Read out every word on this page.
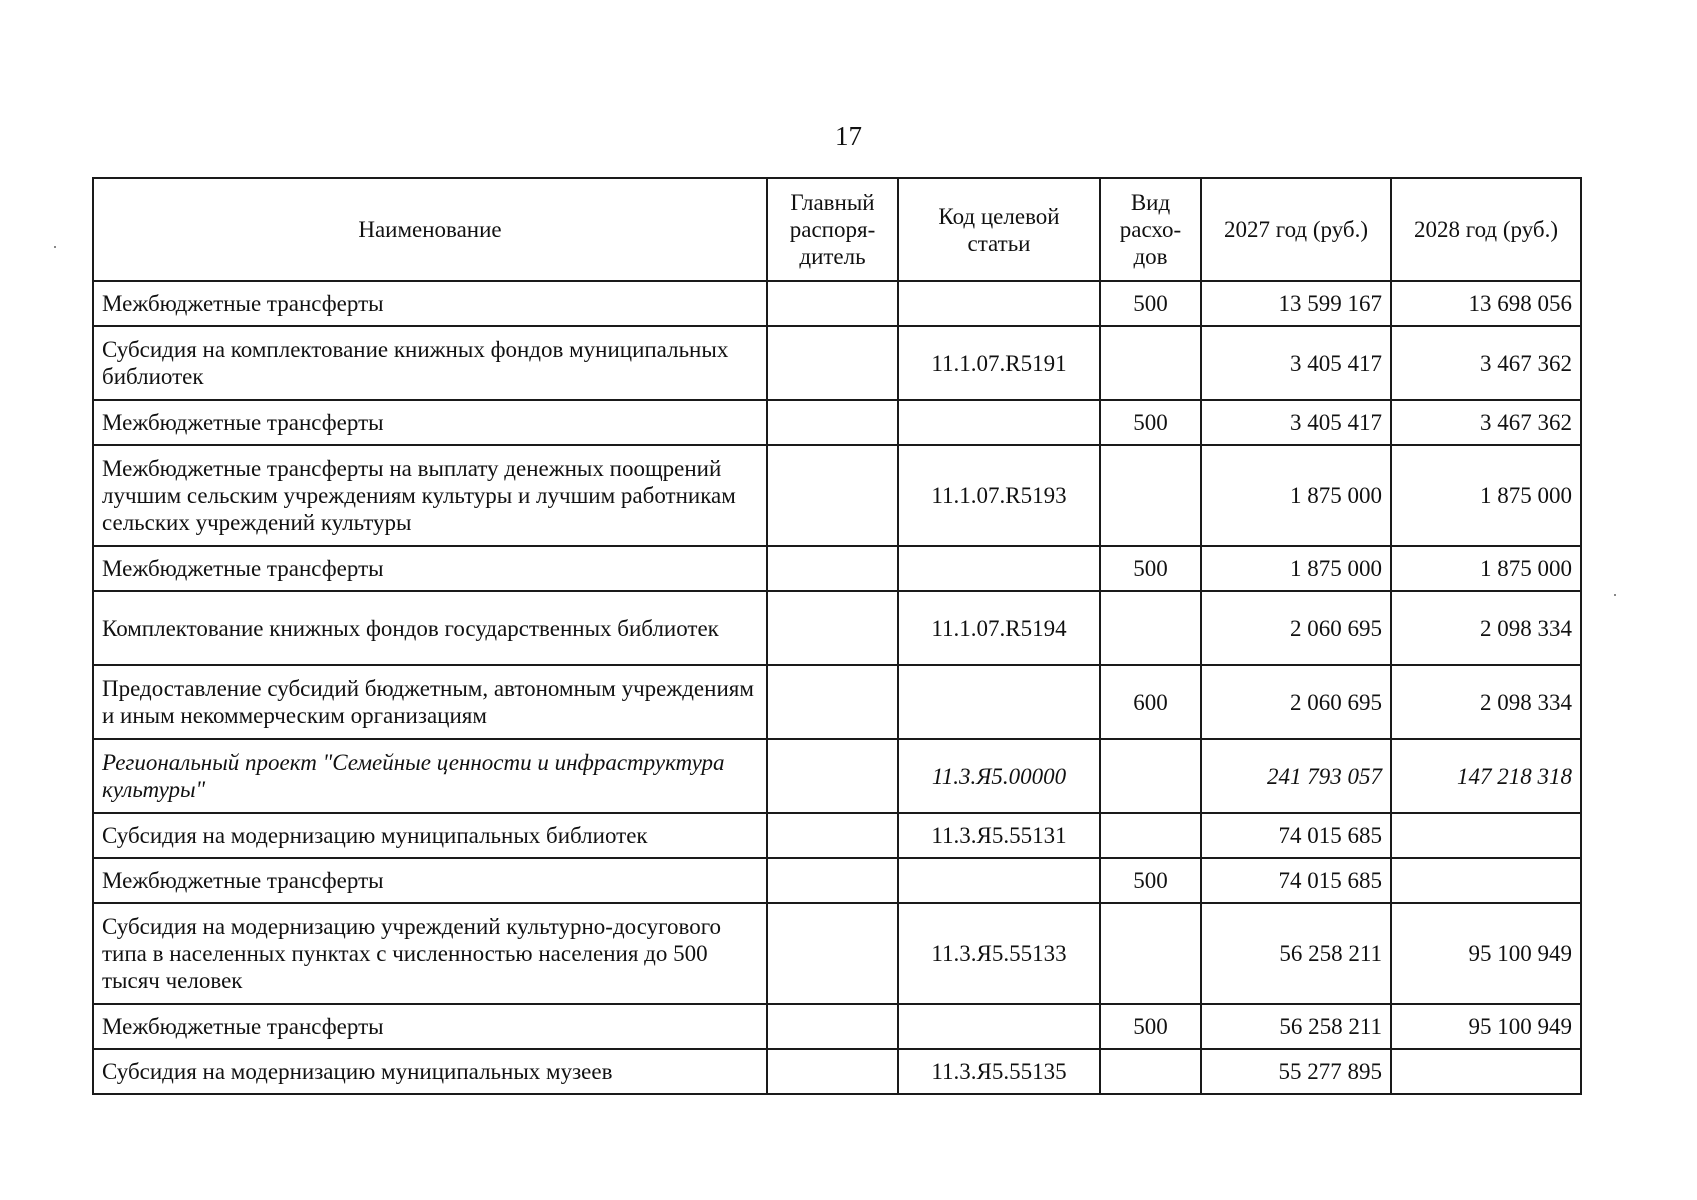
17
Наименование	Главный распоря-дитель	Код целевой статьи	Вид расхо-дов	2027 год (руб.)	2028 год (руб.)
Межбюджетные трансферты			500	13 599 167	13 698 056
Субсидия на комплектование книжных фондов муниципальных библиотек		11.1.07.R5191		3 405 417	3 467 362
Межбюджетные трансферты			500	3 405 417	3 467 362
Межбюджетные трансферты на выплату денежных поощрений лучшим сельским учреждениям культуры и лучшим работникам сельских учреждений культуры		11.1.07.R5193		1 875 000	1 875 000
Межбюджетные трансферты			500	1 875 000	1 875 000
Комплектование книжных фондов государственных библиотек		11.1.07.R5194		2 060 695	2 098 334
Предоставление субсидий бюджетным, автономным учреждениям и иным некоммерческим организациям			600	2 060 695	2 098 334
Региональный проект "Семейные ценности и инфраструктура культуры"		11.3.Я5.00000		241 793 057	147 218 318
Субсидия на модернизацию муниципальных библиотек		11.3.Я5.55131		74 015 685	
Межбюджетные трансферты			500	74 015 685	
Субсидия на модернизацию учреждений культурно-досугового типа в населенных пунктах с численностью населения до 500 тысяч человек		11.3.Я5.55133		56 258 211	95 100 949
Межбюджетные трансферты			500	56 258 211	95 100 949
Субсидия на модернизацию муниципальных музеев		11.3.Я5.55135		55 277 895	
